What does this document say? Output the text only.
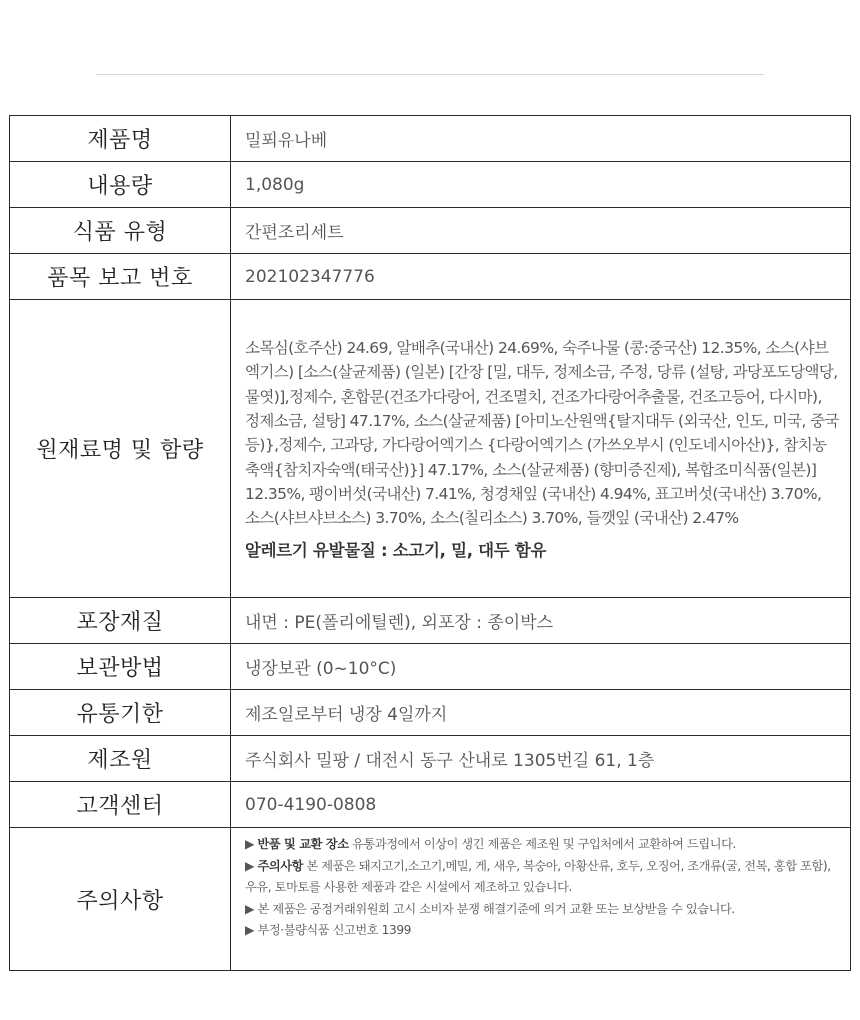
제품명	밀푀유나베
내용량	1,080g
식품 유형	간편조리세트
품목 보고 번호	202102347776
원재료명 및 함량	소목심(호주산) 24.69, 알배추(국내산) 24.69%, 숙주나물 (콩:중국산) 12.35%, 소스(샤브엑기스) [소스(살균제품) (일본) [간장 [밀, 대두, 정제소금, 주정, 당류 (설탕, 과당포도당액당, 물엿)],정제수, 혼합문(건조가다랑어, 건조멸치, 건조가다랑어추출물, 건조고등어, 다시마), 정제소금, 설탕] 47.17%, 소스(살균제품) [아미노산원액{탈지대두 (외국산, 인도, 미국, 중국 등)},정제수, 고과당, 가다랑어엑기스 {다랑어엑기스 (가쓰오부시 (인도네시아산)}, 참치농축액{참치자숙액(태국산)}] 47.17%, 소스(살균제품) (향미증진제), 복합조미식품(일본)] 12.35%, 팽이버섯(국내산) 7.41%, 청경채잎 (국내산) 4.94%, 표고버섯(국내산) 3.70%, 소스(샤브샤브소스) 3.70%, 소스(칠리소스) 3.70%, 들깻잎 (국내산) 2.47%
알레르기 유발물질 : 소고기, 밀, 대두 함유

포장재질	내면 : PE(폴리에틸렌), 외포장 : 종이박스
보관방법	냉장보관 (0~10°C)
유통기한	제조일로부터 냉장 4일까지
제조원	주식회사 밀팡 / 대전시 동구 산내로 1305번길 61, 1층
고객센터	070-4190-0808
주의사항	▶ 반품 및 교환 장소 유통과정에서 이상이 생긴 제품은 제조원 및 구입처에서 교환하여 드립니다.
▶ 주의사항 본 제품은 돼지고기,소고기,메밀, 게, 새우, 복숭아, 아황산류, 호두, 오징어, 조개류(굴, 전복, 홍합 포함),우유, 토마토를 사용한 제품과 같은 시설에서 제조하고 있습니다.
▶ 본 제품은 공정거래위원회 고시 소비자 분쟁 해결기준에 의거 교환 또는 보상받을 수 있습니다.
▶ 부정·불량식품 신고번호 1399
